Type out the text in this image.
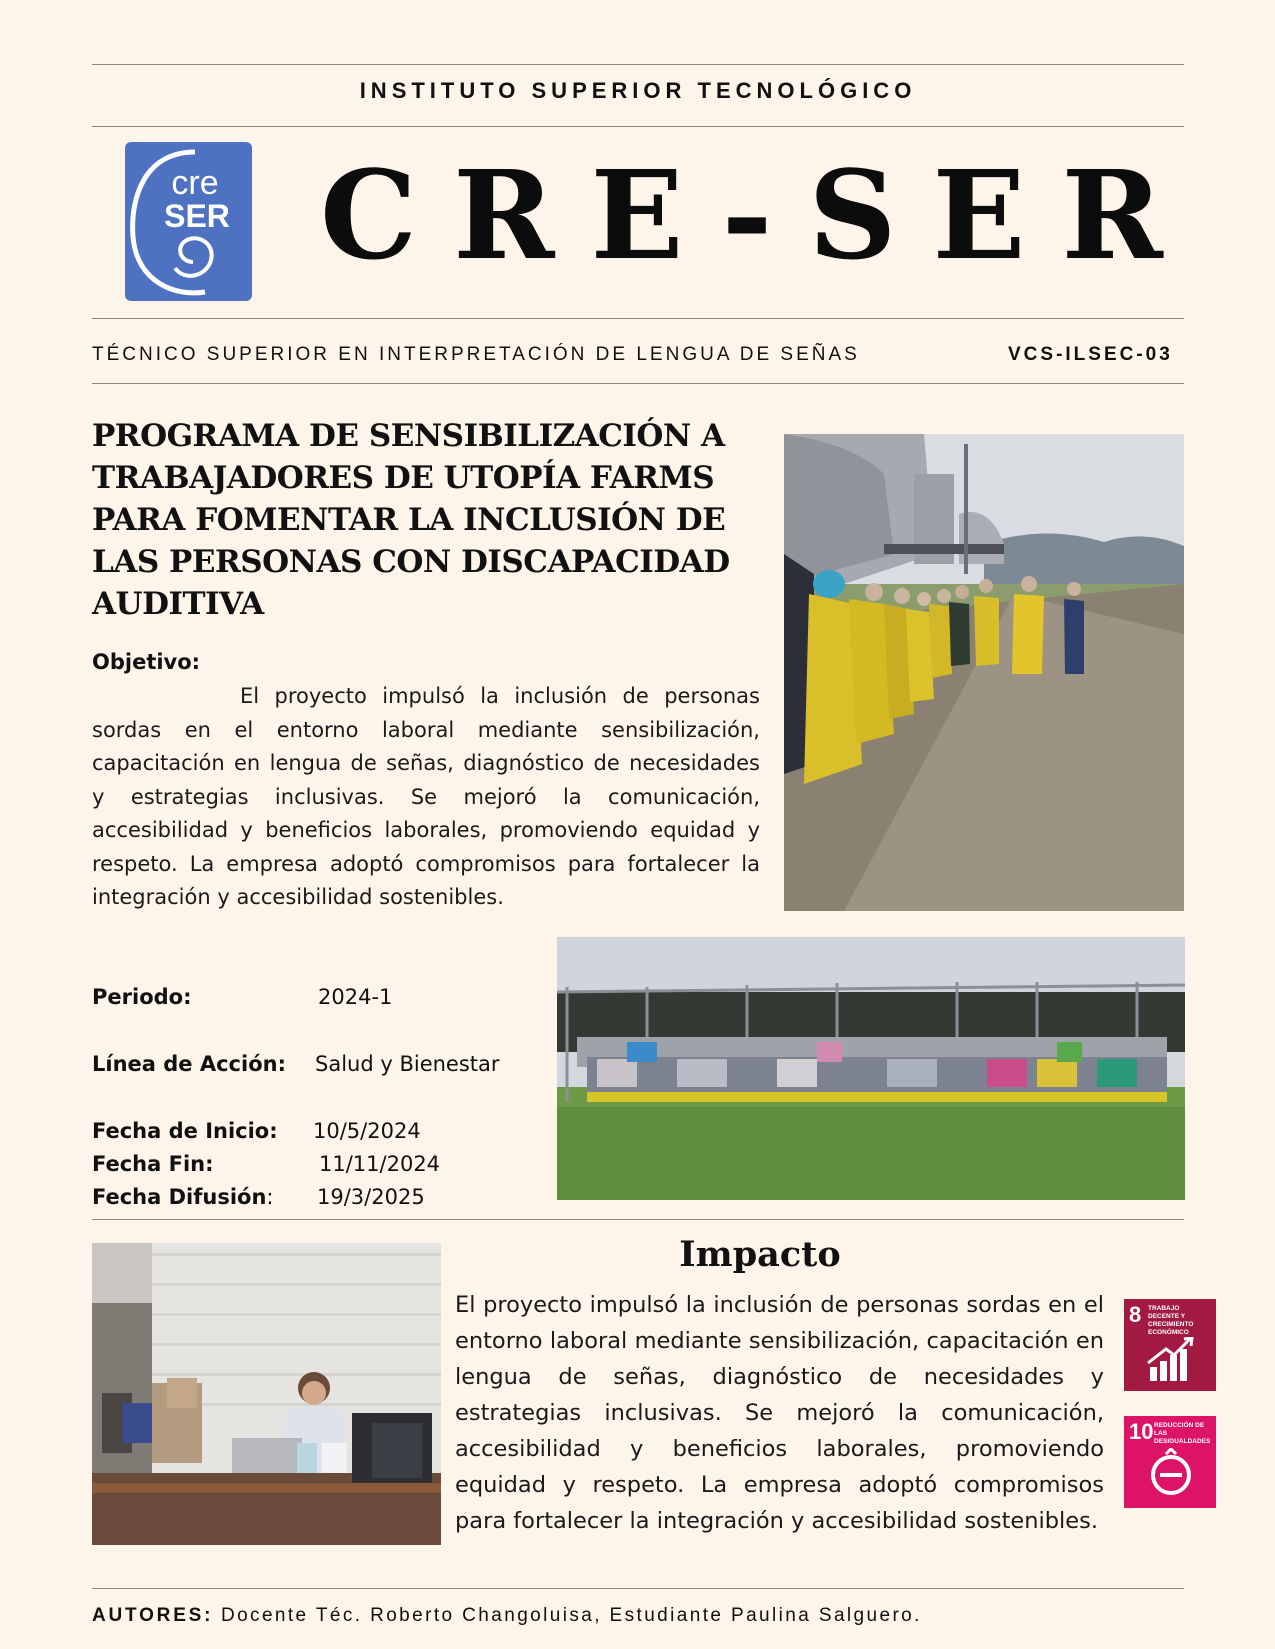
INSTITUTO SUPERIOR TECNOLÓGICO
cre
SER CRE-SER
TÉCNICO SUPERIOR EN INTERPRETACIÓN DE LENGUA DE SEÑAS	VCS-ILSEC-03
PROGRAMA DE SENSIBILIZACIÓN A TRABAJADORES DE UTOPÍA FARMS PARA FOMENTAR LA INCLUSIÓN DE LAS PERSONAS CON DISCAPACIDAD AUDITIVA
Objetivo:
El proyecto impulsó la inclusión de personas sordas en el entorno laboral mediante sensibilización, capacitación en lengua de señas, diagnóstico de necesidades y estrategias inclusivas. Se mejoró la comunicación, accesibilidad y beneficios laborales, promoviendo equidad y respeto. La empresa adoptó compromisos para fortalecer la integración y accesibilidad sostenibles.
Periodo:	2024-1
Línea de Acción: Salud y Bienestar
Fecha de Inicio: 10/5/2024
Fecha Fin:	11/11/2024
Fecha Difusión: 19/3/2025
Impacto
El proyecto impulsó la inclusión de personas sordas en el entorno laboral mediante sensibilización, capacitación en lengua de señas, diagnóstico de necesidades y estrategias inclusivas. Se mejoró la comunicación, accesibilidad y beneficios laborales, promoviendo equidad y respeto. La empresa adoptó compromisos para fortalecer la integración y accesibilidad sostenibles.
8 TRABAJO DECENTE Y CRECIMIENTO ECONÓMICO
10 REDUCCIÓN DE LAS DESIGUALDADES
AUTORES: Docente Téc. Roberto Changoluisa, Estudiante Paulina Salguero.
